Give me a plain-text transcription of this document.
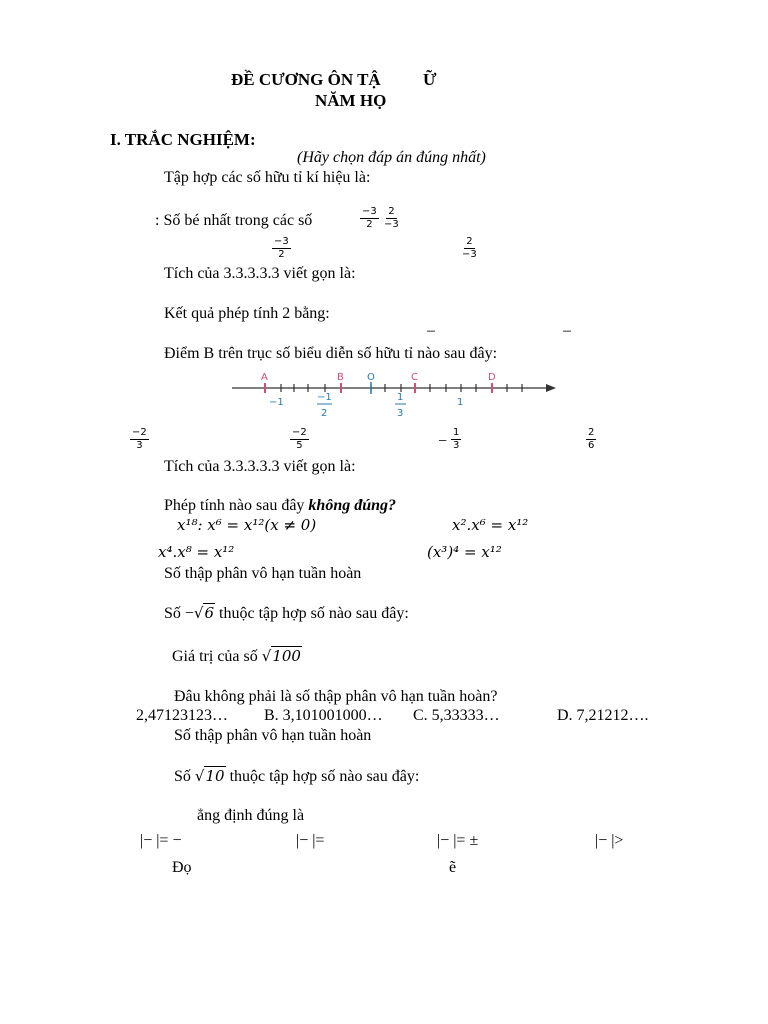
ĐỀ CƯƠNG ÔN TẬ Ữ
NĂM HỌ
I. TRẮC NGHIỆM:
(Hãy chọn đáp án đúng nhất)
Tập hợp các số hữu tỉ kí hiệu là:
: Số bé nhất trong các số	$\frac{-3}{2} \frac{2}{-3}$
$\frac{-3}{2}$	$\frac{2}{-3}$
Tích của 3.3.3.3.3 viết gọn là:
Kết quả phép tính 2 bằng:
–	–
Điểm B trên trục số biểu diễn số hữu tỉ nào sau đây:
A	B	C	D
O
−1	−1
2
1
3
1
$\frac{-2}{3}$	$\frac{-2}{5}$	− $\frac{1}{3}$	$\frac{2}{6}$
Tích của 3.3.3.3.3 viết gọn là:
Phép tính nào sau đây không đúng?
𝑥¹⁸: 𝑥⁶ = 𝑥¹²(𝑥 ≠ 0)	𝑥².𝑥⁶ = 𝑥¹²
𝑥⁴.𝑥⁸ = 𝑥¹²	(𝑥³)⁴ = 𝑥¹²
Số thập phân vô hạn tuần hoàn
Số −√6 thuộc tập hợp số nào sau đây:
Giá trị của số √100
Đâu không phải là số thập phân vô hạn tuần hoàn?
2,47123123… B. 3,101001000… C. 5,33333…	D. 7,21212….
Số thập phân vô hạn tuần hoàn
Số √10 thuộc tập hợp số nào sau đây:
ẳng định đúng là
|− |= −	|− |=	|− |= ±	|− |>
Đọ	ẽ
